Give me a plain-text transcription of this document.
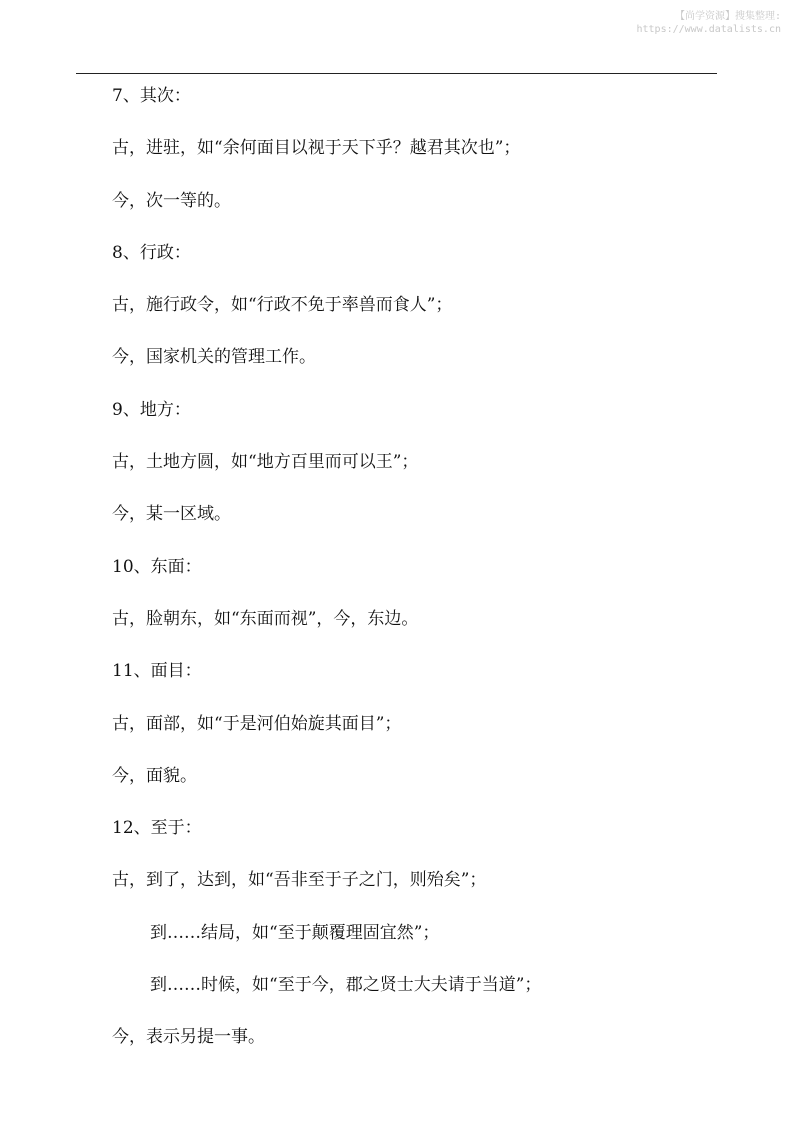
【尚学资源】搜集整理:
https://www.datalists.cn
7、其次：
古，进驻，如“余何面目以视于天下乎？越君其次也”；
今，次一等的。
8、行政：
古，施行政令，如“行政不免于率兽而食人”；
今，国家机关的管理工作。
9、地方：
古，土地方圆，如“地方百里而可以王”；
今，某一区域。
10、东面：
古，脸朝东，如“东面而视”，今，东边。
11、面目：
古，面部，如“于是河伯始旋其面目”；
今，面貌。
12、至于：
古，到了，达到，如“吾非至于子之门，则殆矣”；
到……结局，如“至于颠覆理固宜然”；
到……时候，如“至于今，郡之贤士大夫请于当道”；
今，表示另提一事。
